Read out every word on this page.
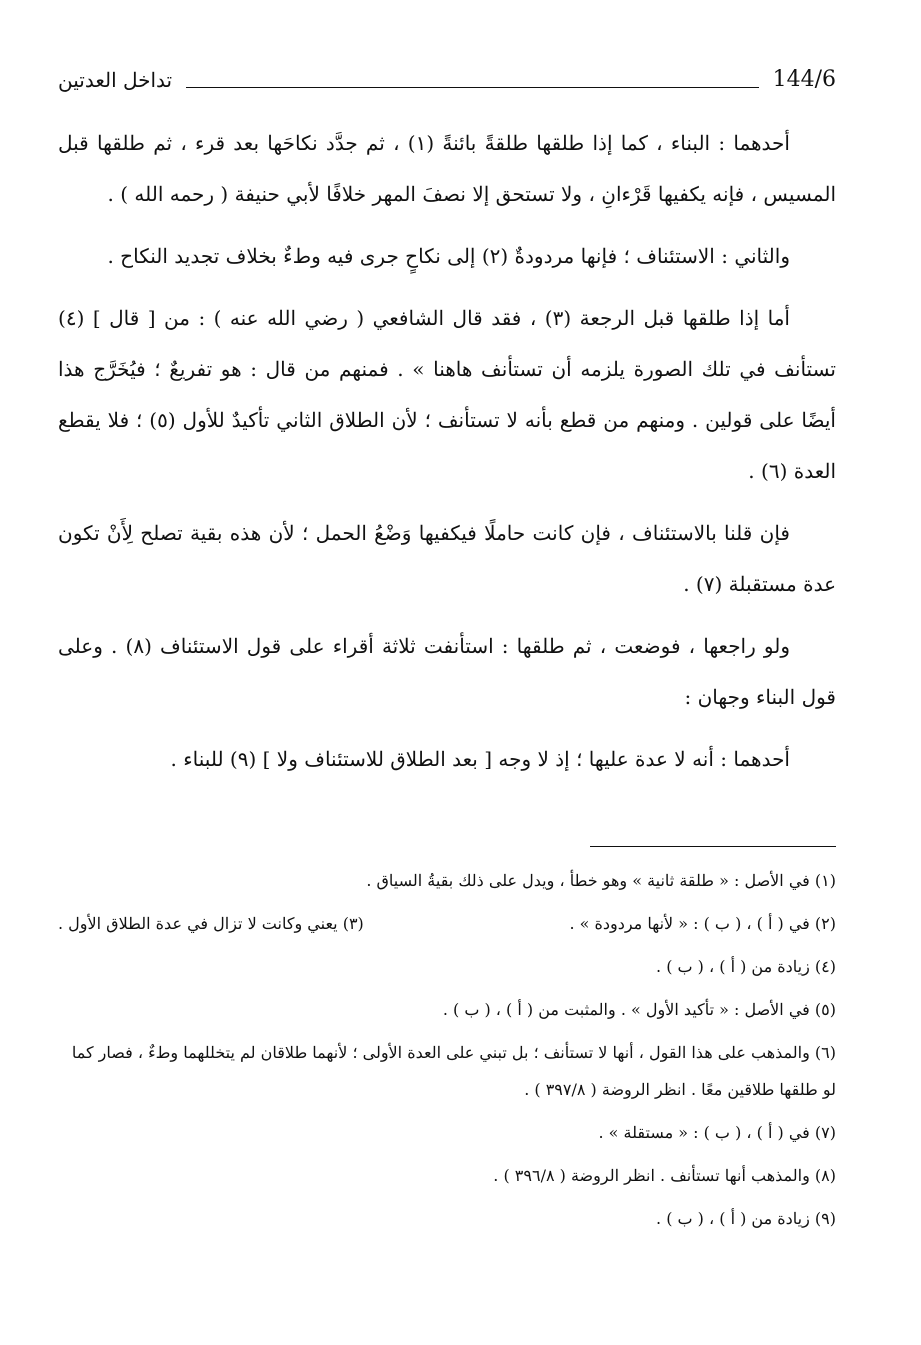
144/6
تداخل العدتين

أحدهما : البناء ، كما إذا طلقها طلقةً بائنةً (١) ، ثم جدَّد نكاحَها بعد قرء ، ثم طلقها قبل المسيس ، فإنه يكفيها قَرْءانِ ، ولا تستحق إلا نصفَ المهر خلافًا لأبي حنيفة ( رحمه الله ) .

والثاني : الاستئناف ؛ فإنها مردودةٌ (٢) إلى نكاحٍ جرى فيه وطءٌ بخلاف تجديد النكاح .

أما إذا طلقها قبل الرجعة (٣) ، فقد قال الشافعي ( رضي الله عنه ) : من [ قال ] (٤) تستأنف في تلك الصورة يلزمه أن تستأنف هاهنا » . فمنهم من قال : هو تفريعٌ ؛ فيُخَرَّج هذا أيضًا على قولين . ومنهم من قطع بأنه لا تستأنف ؛ لأن الطلاق الثاني تأكيدٌ للأول (٥) ؛ فلا يقطع العدة (٦) .

فإن قلنا بالاستئناف ، فإن كانت حاملًا فيكفيها وَضْعُ الحمل ؛ لأن هذه بقية تصلح لِأَنْ تكون عدة مستقبلة (٧) .

ولو راجعها ، فوضعت ، ثم طلقها : استأنفت ثلاثة أقراء على قول الاستئناف (٨) . وعلى قول البناء وجهان :

أحدهما : أنه لا عدة عليها ؛ إذ لا وجه [ بعد الطلاق للاستئناف ولا ] (٩) للبناء .

(١) في الأصل : « طلقة ثانية » وهو خطأ ، ويدل على ذلك بقيةُ السياق .
(٢) في ( أ ) ، ( ب ) : « لأنها مردودة » .
(٣) يعني وكانت لا تزال في عدة الطلاق الأول .
(٤) زيادة من ( أ ) ، ( ب ) .
(٥) في الأصل : « تأكيد الأول » . والمثبت من ( أ ) ، ( ب ) .
(٦) والمذهب على هذا القول ، أنها لا تستأنف ؛ بل تبني على العدة الأولى ؛ لأنهما طلاقان لم يتخللهما وطءٌ ، فصار كما لو طلقها طلاقين معًا . انظر الروضة ( ٣٩٧/٨ ) .
(٧) في ( أ ) ، ( ب ) : « مستقلة » .
(٨) والمذهب أنها تستأنف . انظر الروضة ( ٣٩٦/٨ ) .
(٩) زيادة من ( أ ) ، ( ب ) .
